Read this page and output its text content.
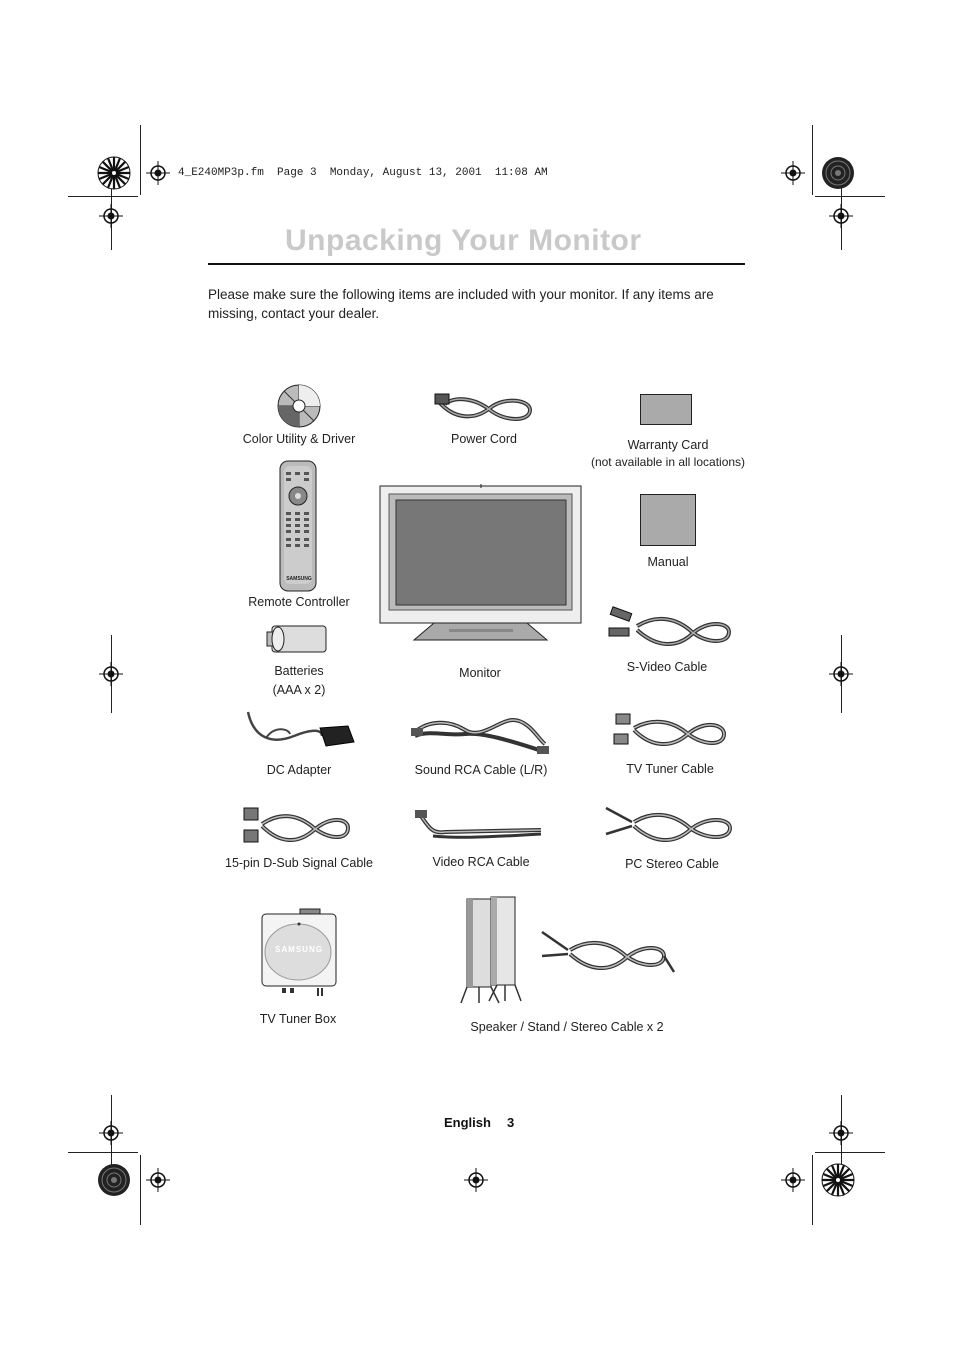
4_E240MP3p.fm  Page 3  Monday, August 13, 2001  11:08 AM
Unpacking Your Monitor
Please make sure the following items are included with your monitor. If any items are missing, contact your dealer.
Color Utility & Driver	Power Cord	Warranty Card
(not available in all locations)
SAMSUNG
Remote Controller
Manual
Monitor
Batteries
(AAA x 2)
S-Video Cable
DC Adapter	Sound RCA Cable (L/R)	TV Tuner Cable
15-pin D-Sub Signal Cable	Video RCA Cable	PC Stereo Cable
SAMSUNG
TV Tuner Box
Speaker / Stand / Stereo Cable x 2
English 3
